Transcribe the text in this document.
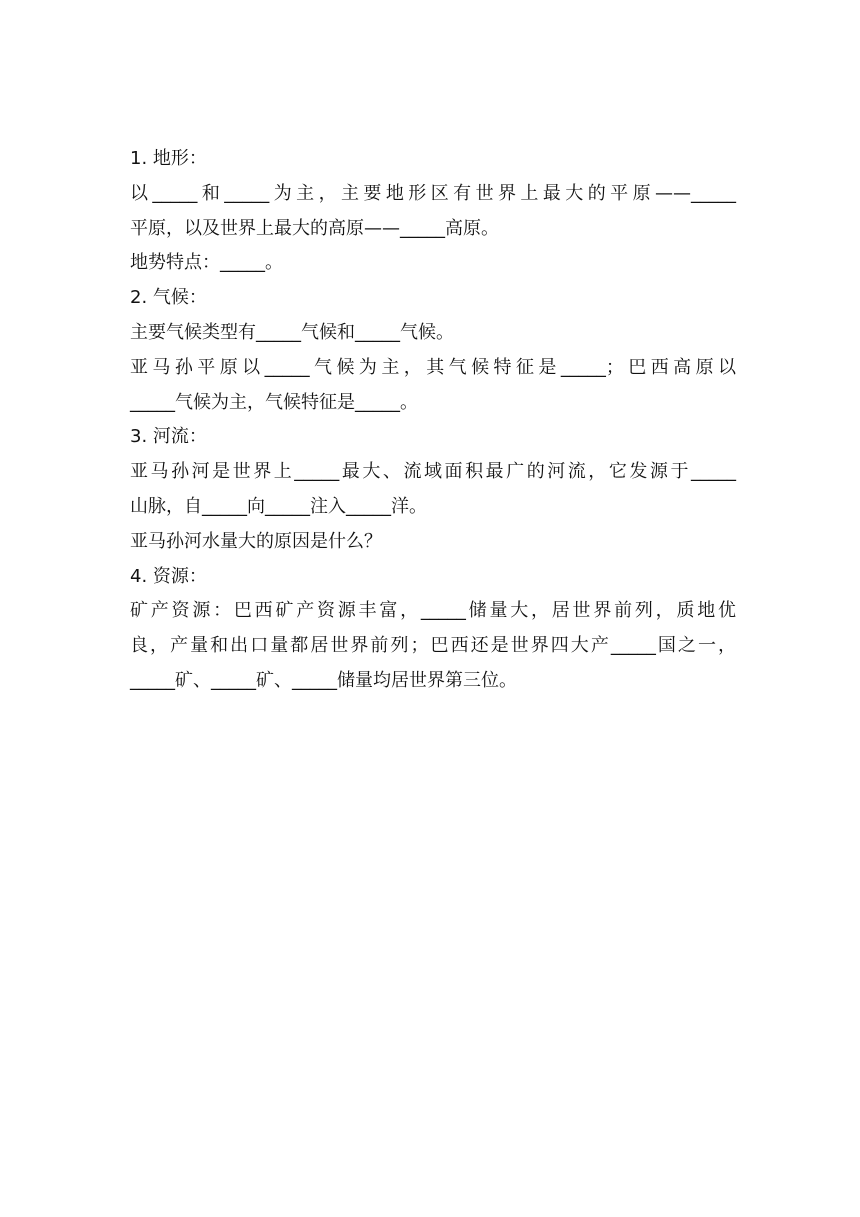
1. 地形：
以_____和_____为主，主要地形区有世界上最大的平原——_____
平原，以及世界上最大的高原——_____高原。
地势特点：_____。
2. 气候：
主要气候类型有_____气候和_____气候。
亚马孙平原以_____气候为主，其气候特征是_____；巴西高原以
_____气候为主，气候特征是_____。
3. 河流：
亚马孙河是世界上_____最大、流域面积最广的河流，它发源于_____
山脉，自_____向_____注入_____洋。
亚马孙河水量大的原因是什么？
4. 资源：
矿产资源：巴西矿产资源丰富，_____储量大，居世界前列，质地优
良，产量和出口量都居世界前列；巴西还是世界四大产_____国之一，
_____矿、_____矿、_____储量均居世界第三位。
